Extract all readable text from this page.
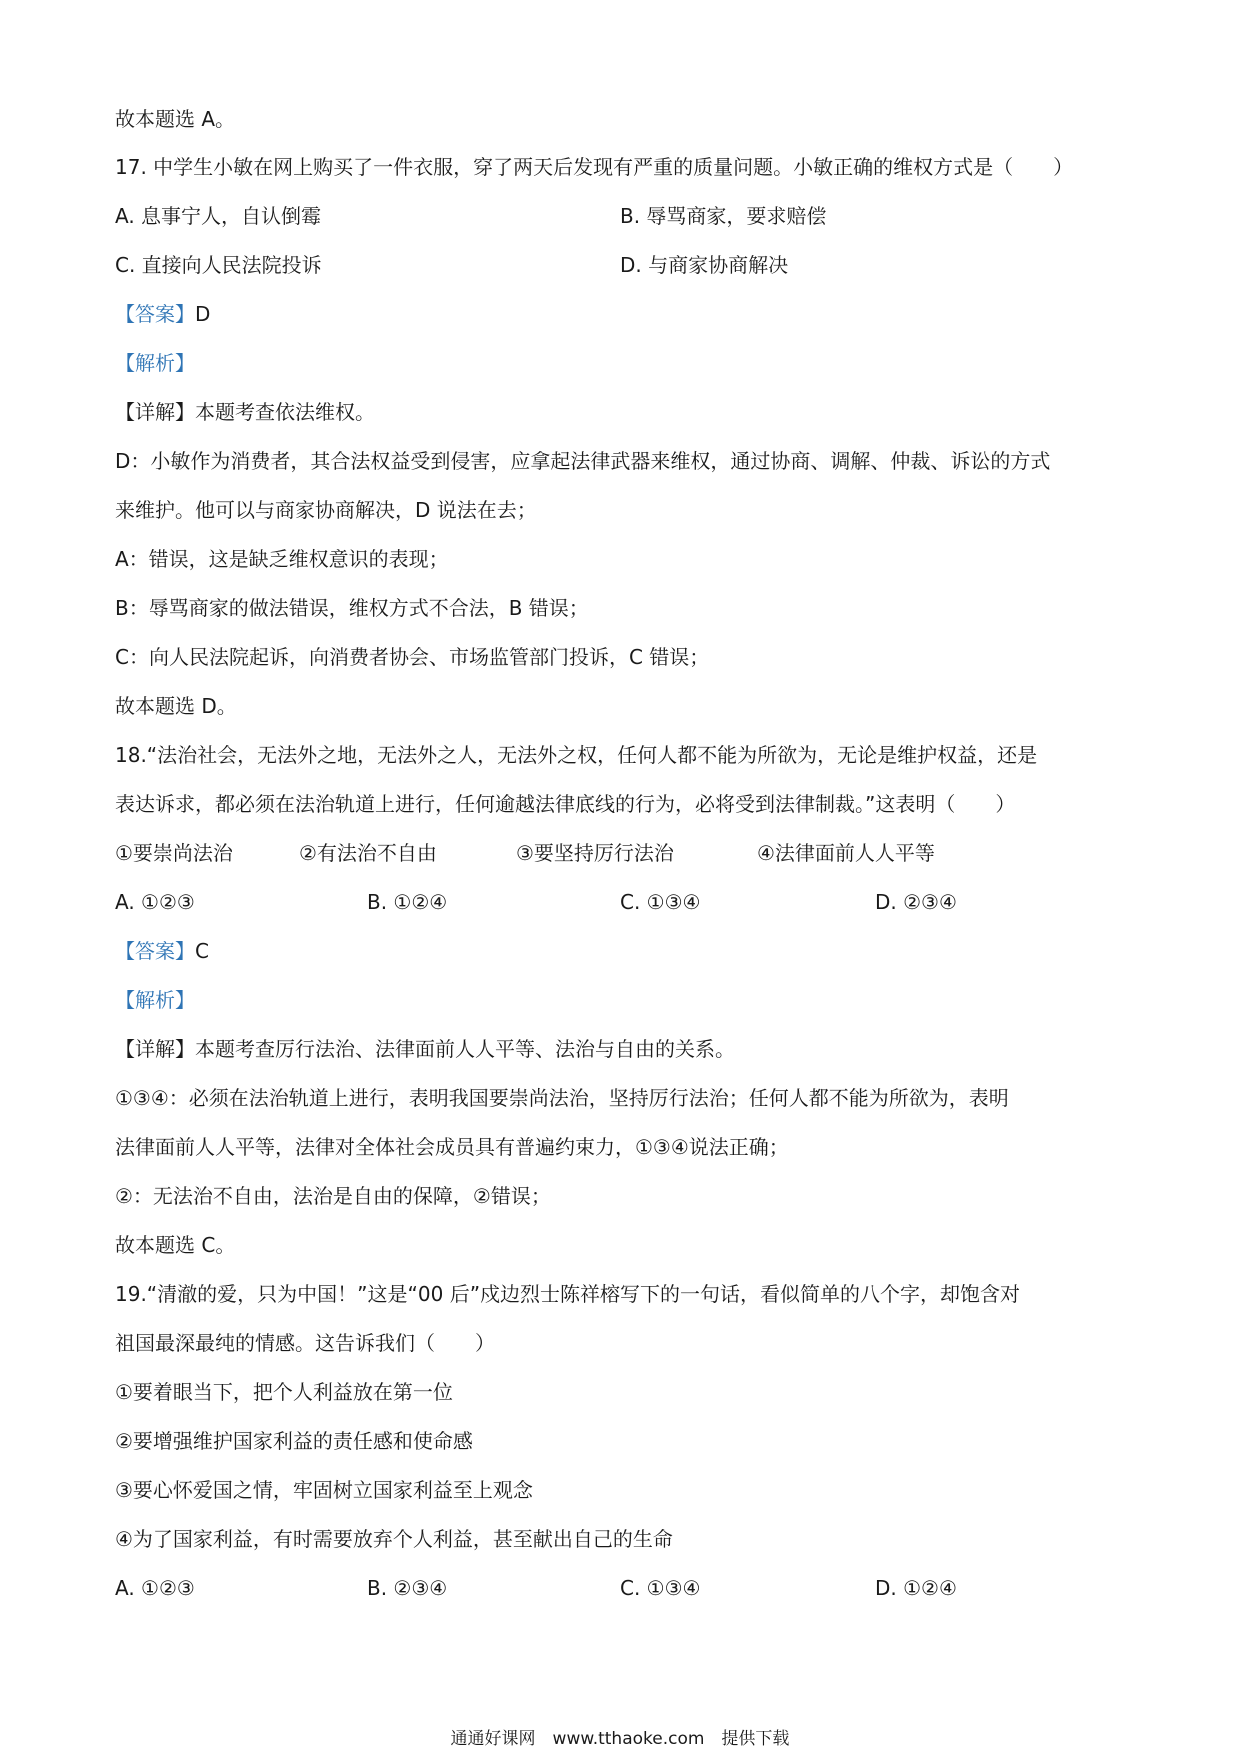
故本题选 A。
17. 中学生小敏在网上购买了一件衣服，穿了两天后发现有严重的质量问题。小敏正确的维权方式是（　　）
A. 息事宁人，自认倒霉	B. 辱骂商家，要求赔偿
C. 直接向人民法院投诉	D. 与商家协商解决
【答案】D
【解析】
【详解】本题考查依法维权。
D：小敏作为消费者，其合法权益受到侵害，应拿起法律武器来维权，通过协商、调解、仲裁、诉讼的方式
来维护。他可以与商家协商解决，D 说法在去；
A：错误，这是缺乏维权意识的表现；
B：辱骂商家的做法错误，维权方式不合法，B 错误；
C：向人民法院起诉，向消费者协会、市场监管部门投诉，C 错误；
故本题选 D。
18.“法治社会，无法外之地，无法外之人，无法外之权，任何人都不能为所欲为，无论是维护权益，还是
表达诉求，都必须在法治轨道上进行，任何逾越法律底线的行为，必将受到法律制裁。”这表明（　　）
①要崇尚法治	②有法治不自由	③要坚持厉行法治	④法律面前人人平等
A. ①②③	B. ①②④	C. ①③④	D. ②③④
【答案】C
【解析】
【详解】本题考查厉行法治、法律面前人人平等、法治与自由的关系。
①③④：必须在法治轨道上进行，表明我国要崇尚法治，坚持厉行法治；任何人都不能为所欲为，表明
法律面前人人平等，法律对全体社会成员具有普遍约束力，①③④说法正确；
②：无法治不自由，法治是自由的保障，②错误；
故本题选 C。
19.“清澈的爱，只为中国！”这是“00 后”戍边烈士陈祥榕写下的一句话，看似简单的八个字，却饱含对
祖国最深最纯的情感。这告诉我们（　　）
①要着眼当下，把个人利益放在第一位
②要增强维护国家利益的责任感和使命感
③要心怀爱国之情，牢固树立国家利益至上观念
④为了国家利益，有时需要放弃个人利益，甚至献出自己的生命
A. ①②③	B. ②③④	C. ①③④	D. ①②④
通通好课网　www.tthaoke.com　提供下载
